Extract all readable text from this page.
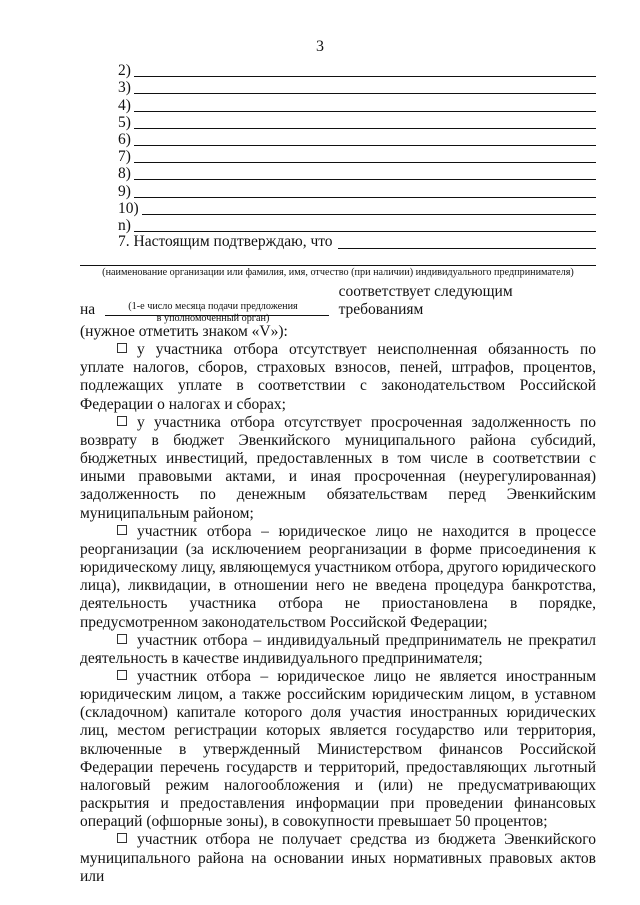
3
2)
3)
4)
5)
6)
7)
8)
9)
10)
n)
7. Настоящим подтверждаю, что
(наименование организации или фамилия, имя, отчество (при наличии) индивидуального предпринимателя)
на
соответствует следующим требованиям
(1-е число месяца подачи предложения
в уполномоченный орган)

(нужное отметить знаком «V»):

у участника отбора отсутствует неисполненная обязанность по уплате налогов, сборов, страховых взносов, пеней, штрафов, процентов, подлежащих уплате в соответствии с законодательством Российской Федерации о налогах и сборах;

у участника отбора отсутствует просроченная задолженность по возврату в бюджет Эвенкийского муниципального района субсидий, бюджетных инвестиций, предоставленных в том числе в соответствии с иными правовыми актами, и иная просроченная (неурегулированная) задолженность по денежным обязательствам перед Эвенкийским муниципальным районом;

участник отбора – юридическое лицо не находится в процессе реорганизации (за исключением реорганизации в форме присоединения к юридическому лицу, являющемуся участником отбора, другого юридического лица), ликвидации, в отношении него не введена процедура банкротства, деятельность участника отбора не приостановлена в порядке, предусмотренном законодательством Российской Федерации;

участник отбора – индивидуальный предприниматель не прекратил деятельность в качестве индивидуального предпринимателя;

участник отбора – юридическое лицо не является иностранным юридическим лицом, а также российским юридическим лицом, в уставном (складочном) капитале которого доля участия иностранных юридических лиц, местом регистрации которых является государство или территория, включенные в утвержденный Министерством финансов Российской Федерации перечень государств и территорий, предоставляющих льготный налоговый режим налогообложения и (или) не предусматривающих раскрытия и предоставления информации при проведении финансовых операций (офшорные зоны), в совокупности превышает 50 процентов;

участник отбора не получает средства из бюджета Эвенкийского муниципального района на основании иных нормативных правовых актов или
